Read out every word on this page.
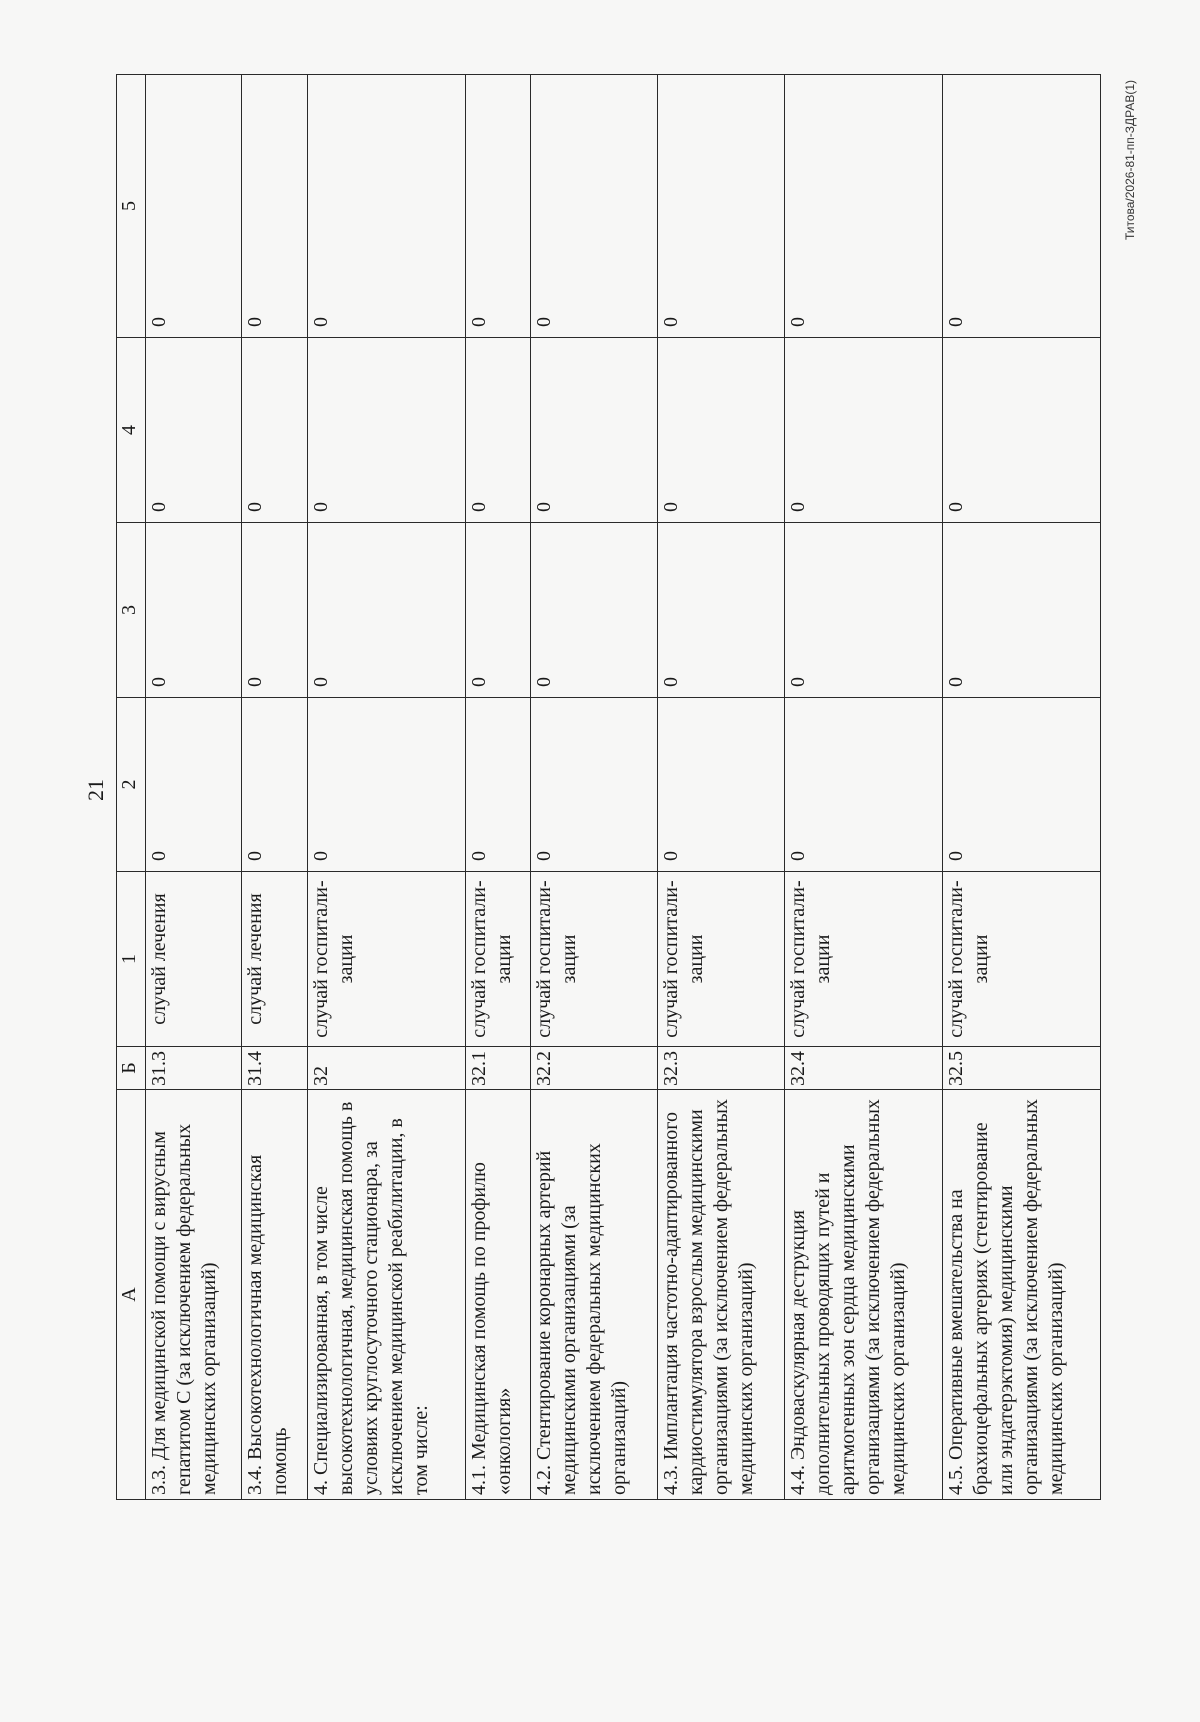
21
Титова/2026-81-пп-ЗДРАВ(1)
А	Б	1	2	3	4	5
3.3. Для медицинской помощи с вирусным гепатитом С (за исключением федеральных медицинских организаций)	31.3	случай лечения	0	0	0	0
3.4. Высокотехнологичная медицинская помощь	31.4	случай лечения	0	0	0	0
4. Специализированная, в том числе высокотехнологичная, медицинская помощь в условиях круглосуточного стационара, за исключением медицинской реабилитации, в том числе:	32	случай госпитали-зации	0	0	0	0
4.1. Медицинская помощь по профилю «онкология»	32.1	случай госпитали-зации	0	0	0	0
4.2. Стентирование коронарных артерий медицинскими организациями (за исключением федеральных медицинских организаций)	32.2	случай госпитали-зации	0	0	0	0
4.3. Имплантация частотно-адаптированного кардиостимулятора взрослым медицинскими организациями (за исключением федеральных медицинских организаций)	32.3	случай госпитали-зации	0	0	0	0
4.4. Эндоваскулярная деструкция дополнительных проводящих путей и аритмогенных зон сердца медицинскими организациями (за исключением федеральных медицинских организаций)	32.4	случай госпитали-зации	0	0	0	0
4.5. Оперативные вмешательства на брахиоцефальных артериях (стентирование или эндатерэктомия) медицинскими организациями (за исключением федеральных медицинских организаций)	32.5	случай госпитали-зации	0	0	0	0
